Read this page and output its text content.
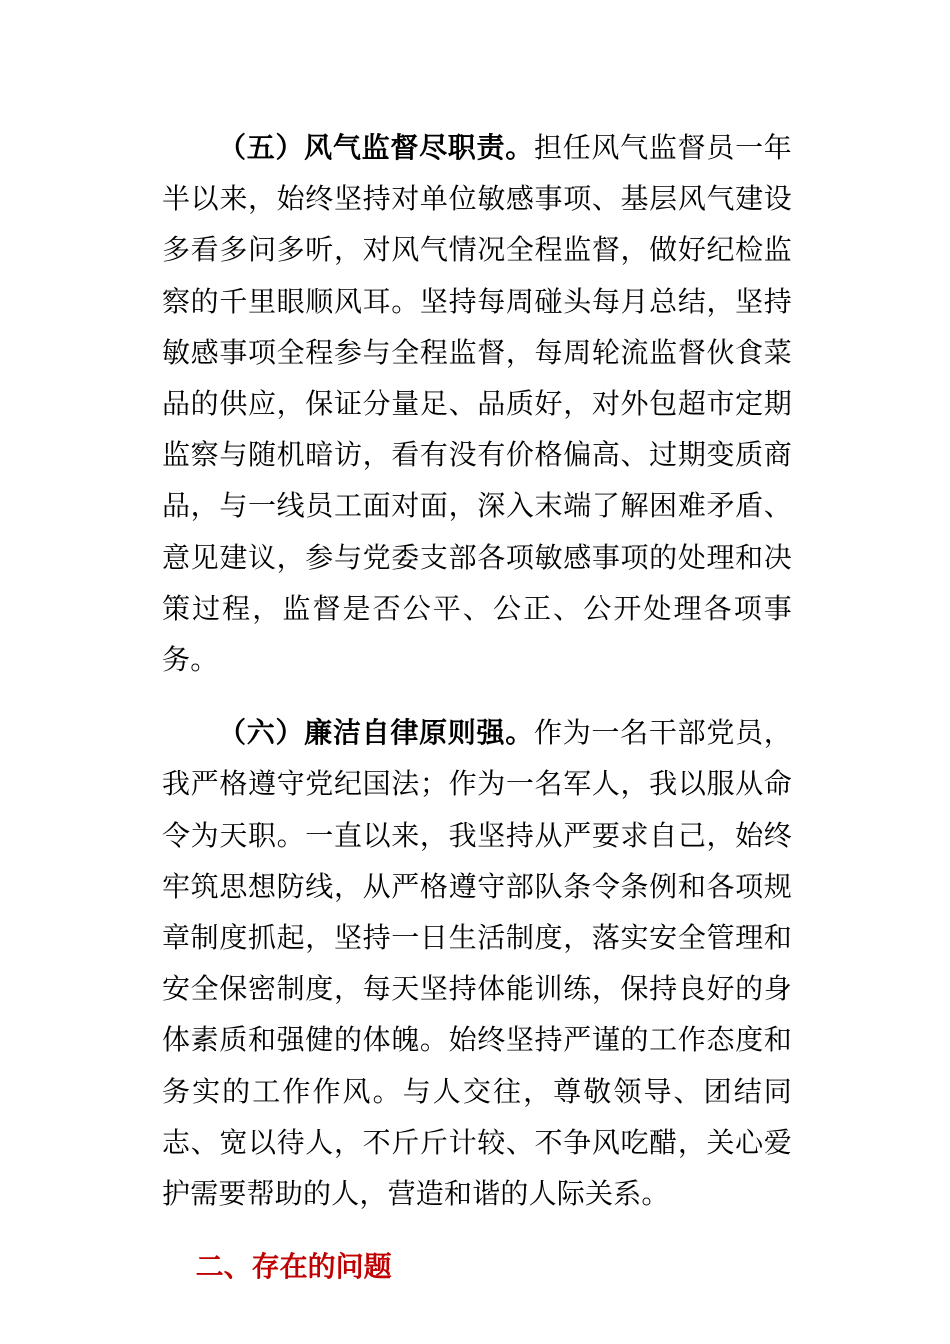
（五）风气监督尽职责。担任风气监督员一年半以来，始终坚持对单位敏感事项、基层风气建设多看多问多听，对风气情况全程监督，做好纪检监察的千里眼顺风耳。坚持每周碰头每月总结，坚持敏感事项全程参与全程监督，每周轮流监督伙食菜品的供应，保证分量足、品质好，对外包超市定期监察与随机暗访，看有没有价格偏高、过期变质商品，与一线员工面对面，深入末端了解困难矛盾、意见建议，参与党委支部各项敏感事项的处理和决策过程，监督是否公平、公正、公开处理各项事务。

（六）廉洁自律原则强。作为一名干部党员，我严格遵守党纪国法；作为一名军人，我以服从命令为天职。一直以来，我坚持从严要求自己，始终牢筑思想防线，从严格遵守部队条令条例和各项规章制度抓起，坚持一日生活制度，落实安全管理和安全保密制度，每天坚持体能训练，保持良好的身体素质和强健的体魄。始终坚持严谨的工作态度和务实的工作作风。与人交往，尊敬领导、团结同志、宽以待人，不斤斤计较、不争风吃醋，关心爱护需要帮助的人，营造和谐的人际关系。

二、存在的问题
